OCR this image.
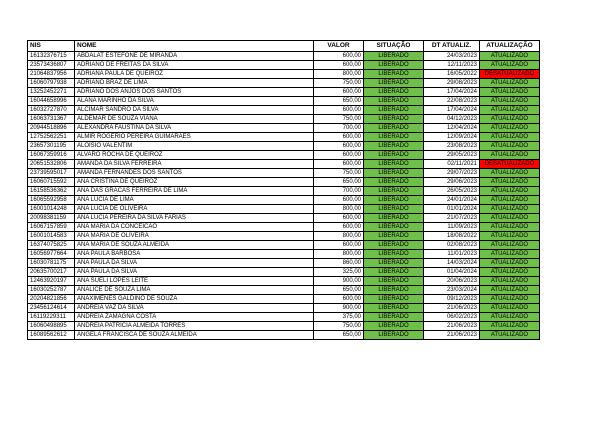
NIS	NOME	VALOR	SITUAÇÃO	DT ATUALIZ.	ATUALIZAÇÃO
16132376715	ABDALAT ESTEFONE DE MIRANDA	600,00	LIBERADO	24/03/2023	ATUALIZADO
23573436807	ADRIANO DE FREITAS DA SILVA	600,00	LIBERADO	12/11/2023	ATUALIZADO
21064837956	ADRIANA PAULA DE QUEIROZ	800,00	LIBERADO	16/05/2022	DESATUALIZADO
16060797938	ADRIANO BRAZ DE LIMA	750,00	LIBERADO	29/08/2023	ATUALIZADO
13252452271	ADRIANO DOS ANJOS DOS SANTOS	600,00	LIBERADO	17/04/2024	ATUALIZADO
16044658996	ALANA MARINHO DA SILVA	650,00	LIBERADO	22/08/2023	ATUALIZADO
16032727870	ALCIMAR SANDRO DA SILVA	600,00	LIBERADO	17/04/2024	ATUALIZADO
16063731367	ALDEMAR DE SOUZA VIANA	750,00	LIBERADO	04/12/2023	ATUALIZADO
20944518896	ALEXANDRA FAUSTINA DA SILVA	700,00	LIBERADO	12/04/2024	ATUALIZADO
12752562251	ALMIR ROGERIO PEREIRA GUIMARAES	600,00	LIBERADO	12/09/2024	ATUALIZADO
23657301195	ALOISIO VALENTIM	600,00	LIBERADO	23/08/2023	ATUALIZADO
16067359916	ALVARO ROCHA DE QUEIROZ	600,00	LIBERADO	29/05/2023	ATUALIZADO
20651532806	AMANDA DA SILVA FERREIRA	600,00	LIBERADO	02/11/2021	DESATUALIZADO
23739595017	AMANDA FERNANDES DOS SANTOS	750,00	LIBERADO	29/07/2023	ATUALIZADO
16060715592	ANA CRISTINA DE QUEIROZ	650,00	LIBERADO	29/06/2023	ATUALIZADO
16158536362	ANA DAS GRACAS FERREIRA DE LIMA	700,00	LIBERADO	26/05/2023	ATUALIZADO
16065592958	ANA LUCIA DE LIMA	600,00	LIBERADO	24/01/2024	ATUALIZADO
16001014248	ANA LUCIA DE OLIVEIRA	800,00	LIBERADO	01/01/2024	ATUALIZADO
20098381159	ANA LUCIA PEREIRA DA SILVA FARIAS	600,00	LIBERADO	21/07/2023	ATUALIZADO
16067157859	ANA MARIA DA CONCEICAO	600,00	LIBERADO	11/09/2023	ATUALIZADO
16001014583	ANA MARIA DE OLIVEIRA	800,00	LIBERADO	18/08/2022	ATUALIZADO
16374075825	ANA MARIA DE SOUZA ALMEIDA	600,00	LIBERADO	02/08/2023	ATUALIZADO
16056977664	ANA PAULA BARBOSA	800,00	LIBERADO	11/01/2023	ATUALIZADO
16030781175	ANA PAULA DA SILVA	860,00	LIBERADO	14/03/2024	ATUALIZADO
20635700217	ANA PAULA DA SILVA	325,00	LIBERADO	01/04/2024	ATUALIZADO
12463920197	ANA SUELI LOPES LEITE	900,00	LIBERADO	20/06/2023	ATUALIZADO
16030252787	ANALICE DE SOUZA LIMA	650,00	LIBERADO	23/03/2024	ATUALIZADO
20204821856	ANAXIMENES GALDINO DE SOUZA	600,00	LIBERADO	09/12/2023	ATUALIZADO
23456124614	ANDREIA VAZ DA SILVA	900,00	LIBERADO	21/06/2023	ATUALIZADO
16119229311	ANDREIA ZAMAGNA COSTA	375,00	LIBERADO	06/02/2023	ATUALIZADO
16060498895	ANDREIA PATRICIA ALMEIDA TORRES	750,00	LIBERADO	21/06/2023	ATUALIZADO
16089562612	ANGELA FRANCISCA DE SOUZA ALMEIDA	650,00	LIBERADO	21/06/2023	ATUALIZADO
